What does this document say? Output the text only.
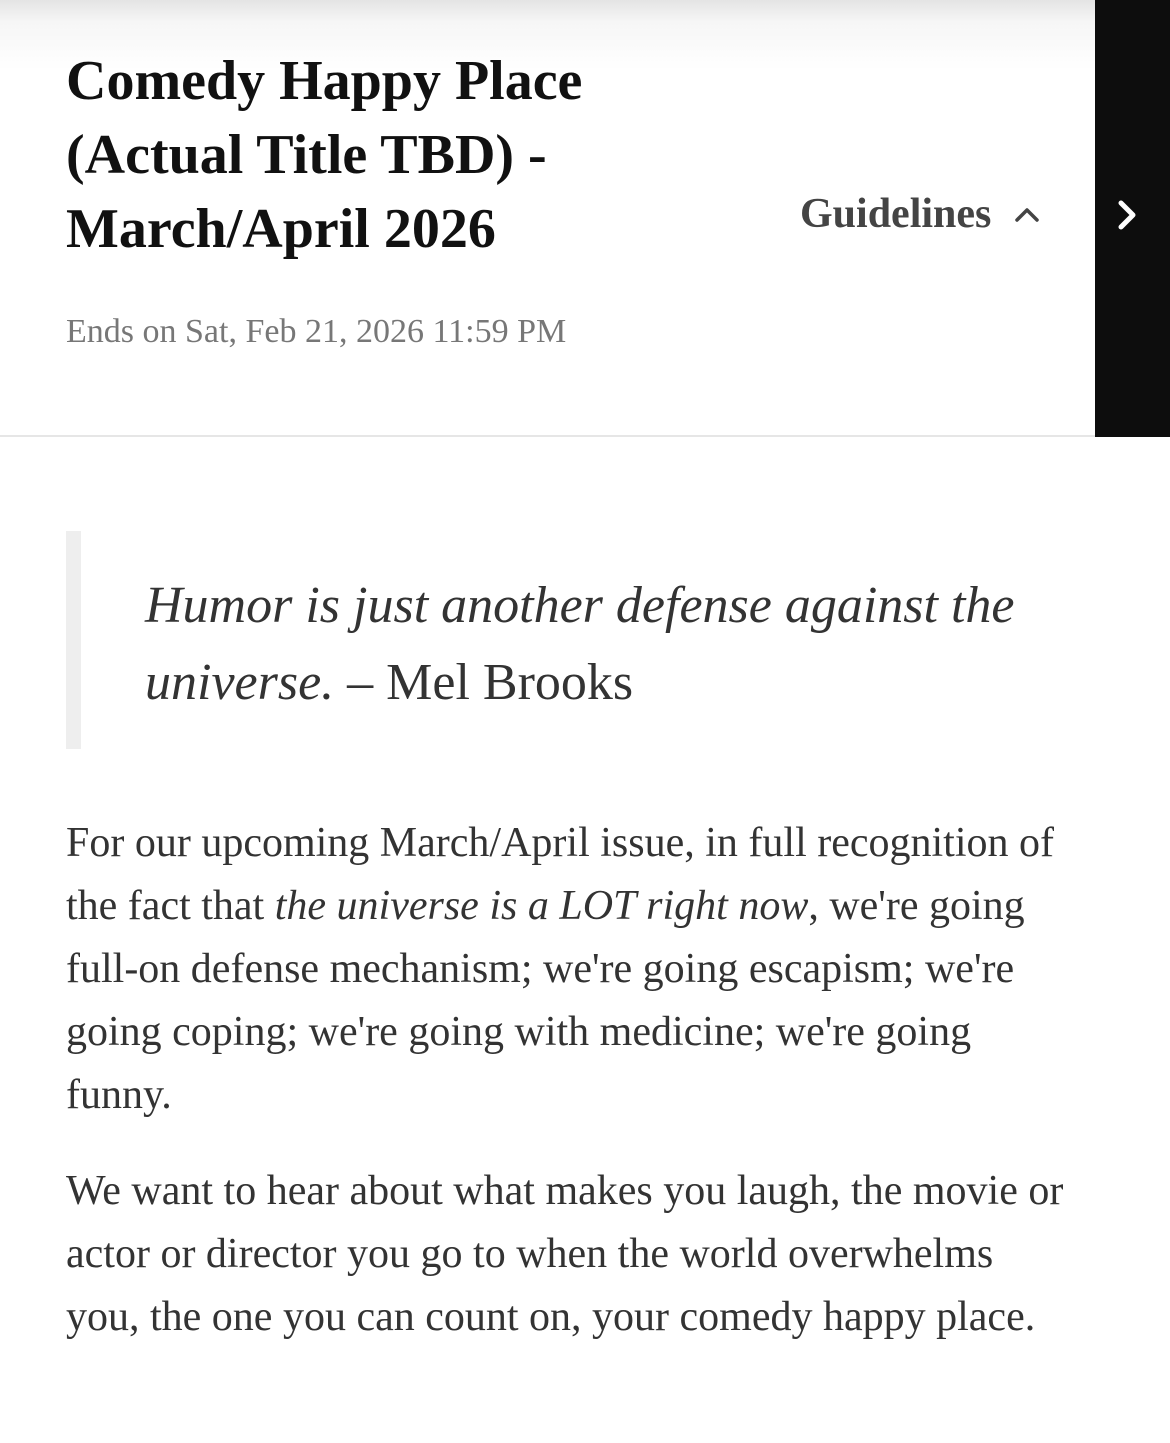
Comedy Happy Place (Actual Title TBD) - March/April 2026
Ends on Sat, Feb 21, 2026 11:59 PM
Guidelines

Humor is just another defense against the universe. – Mel Brooks

For our upcoming March/April issue, in full recognition of the fact that the universe is a LOT right now, we're going full-on defense mechanism; we're going escapism; we're going coping; we're going with medicine; we're going funny.

We want to hear about what makes you laugh, the movie or actor or director you go to when the world overwhelms you, the one you can count on, your comedy happy place.
